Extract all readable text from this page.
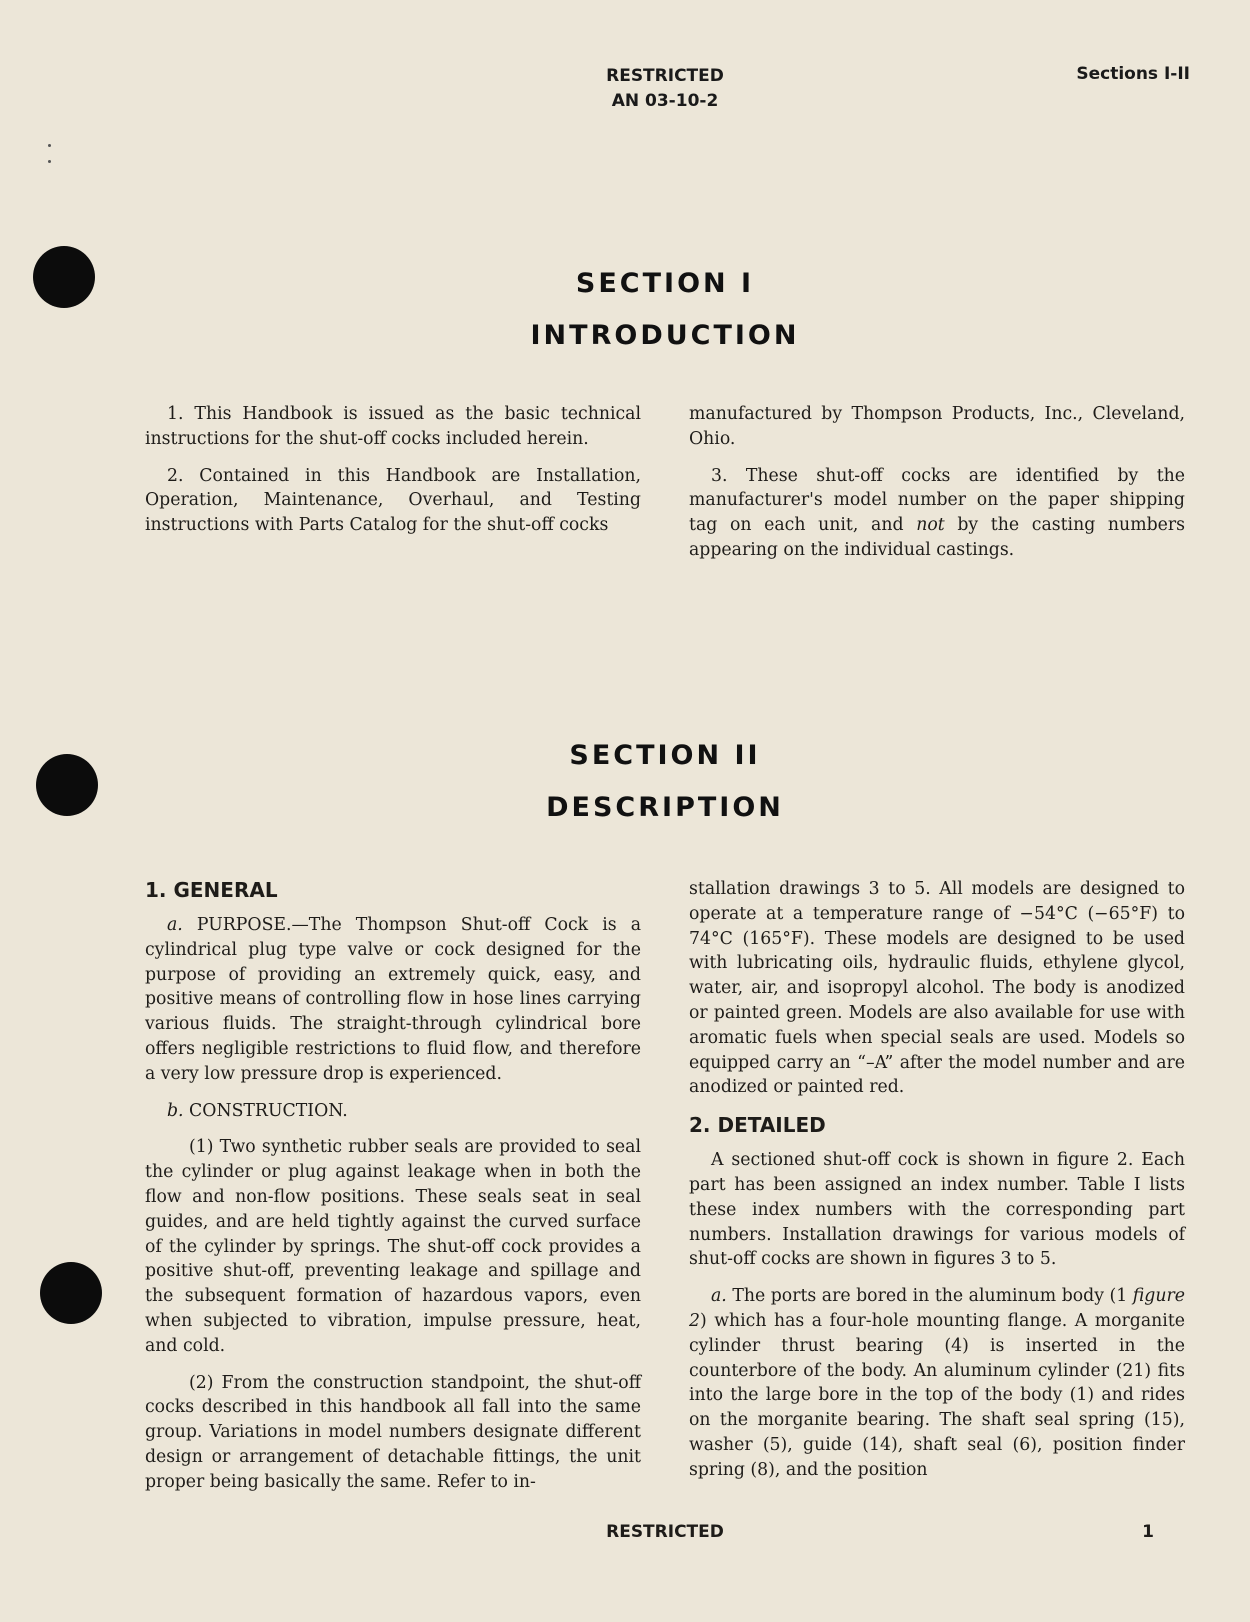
RESTRICTED
AN 03-10-2
Sections I-II
SECTION I
INTRODUCTION

1. This Handbook is issued as the basic technical instructions for the shut-off cocks included herein.

2. Contained in this Handbook are Installation, Operation, Maintenance, Overhaul, and Testing instructions with Parts Catalog for the shut-off cocks

manufactured by Thompson Products, Inc., Cleveland, Ohio.

3. These shut-off cocks are identified by the manufacturer's model number on the paper shipping tag on each unit, and not by the casting numbers appearing on the individual castings.

SECTION II
DESCRIPTION
1. GENERAL

a. PURPOSE.—The Thompson Shut-off Cock is a cylindrical plug type valve or cock designed for the purpose of providing an extremely quick, easy, and positive means of controlling flow in hose lines carrying various fluids. The straight-through cylindrical bore offers negligible restrictions to fluid flow, and therefore a very low pressure drop is experienced.

b. CONSTRUCTION.

(1) Two synthetic rubber seals are provided to seal the cylinder or plug against leakage when in both the flow and non-flow positions. These seals seat in seal guides, and are held tightly against the curved surface of the cylinder by springs. The shut-off cock provides a positive shut-off, preventing leakage and spillage and the subsequent formation of hazardous vapors, even when subjected to vibration, impulse pressure, heat, and cold.

(2) From the construction standpoint, the shut-off cocks described in this handbook all fall into the same group. Variations in model numbers designate different design or arrangement of detachable fittings, the unit proper being basically the same. Refer to in-

stallation drawings 3 to 5. All models are designed to operate at a temperature range of −54°C (−65°F) to 74°C (165°F). These models are designed to be used with lubricating oils, hydraulic fluids, ethylene glycol, water, air, and isopropyl alcohol. The body is anodized or painted green. Models are also available for use with aromatic fuels when special seals are used. Models so equipped carry an “–A” after the model number and are anodized or painted red.

2. DETAILED

A sectioned shut-off cock is shown in figure 2. Each part has been assigned an index number. Table I lists these index numbers with the corresponding part numbers. Installation drawings for various models of shut-off cocks are shown in figures 3 to 5.

a. The ports are bored in the aluminum body (1 figure 2) which has a four-hole mounting flange. A morganite cylinder thrust bearing (4) is inserted in the counterbore of the body. An aluminum cylinder (21) fits into the large bore in the top of the body (1) and rides on the morganite bearing. The shaft seal spring (15), washer (5), guide (14), shaft seal (6), position finder spring (8), and the position

RESTRICTED	1
